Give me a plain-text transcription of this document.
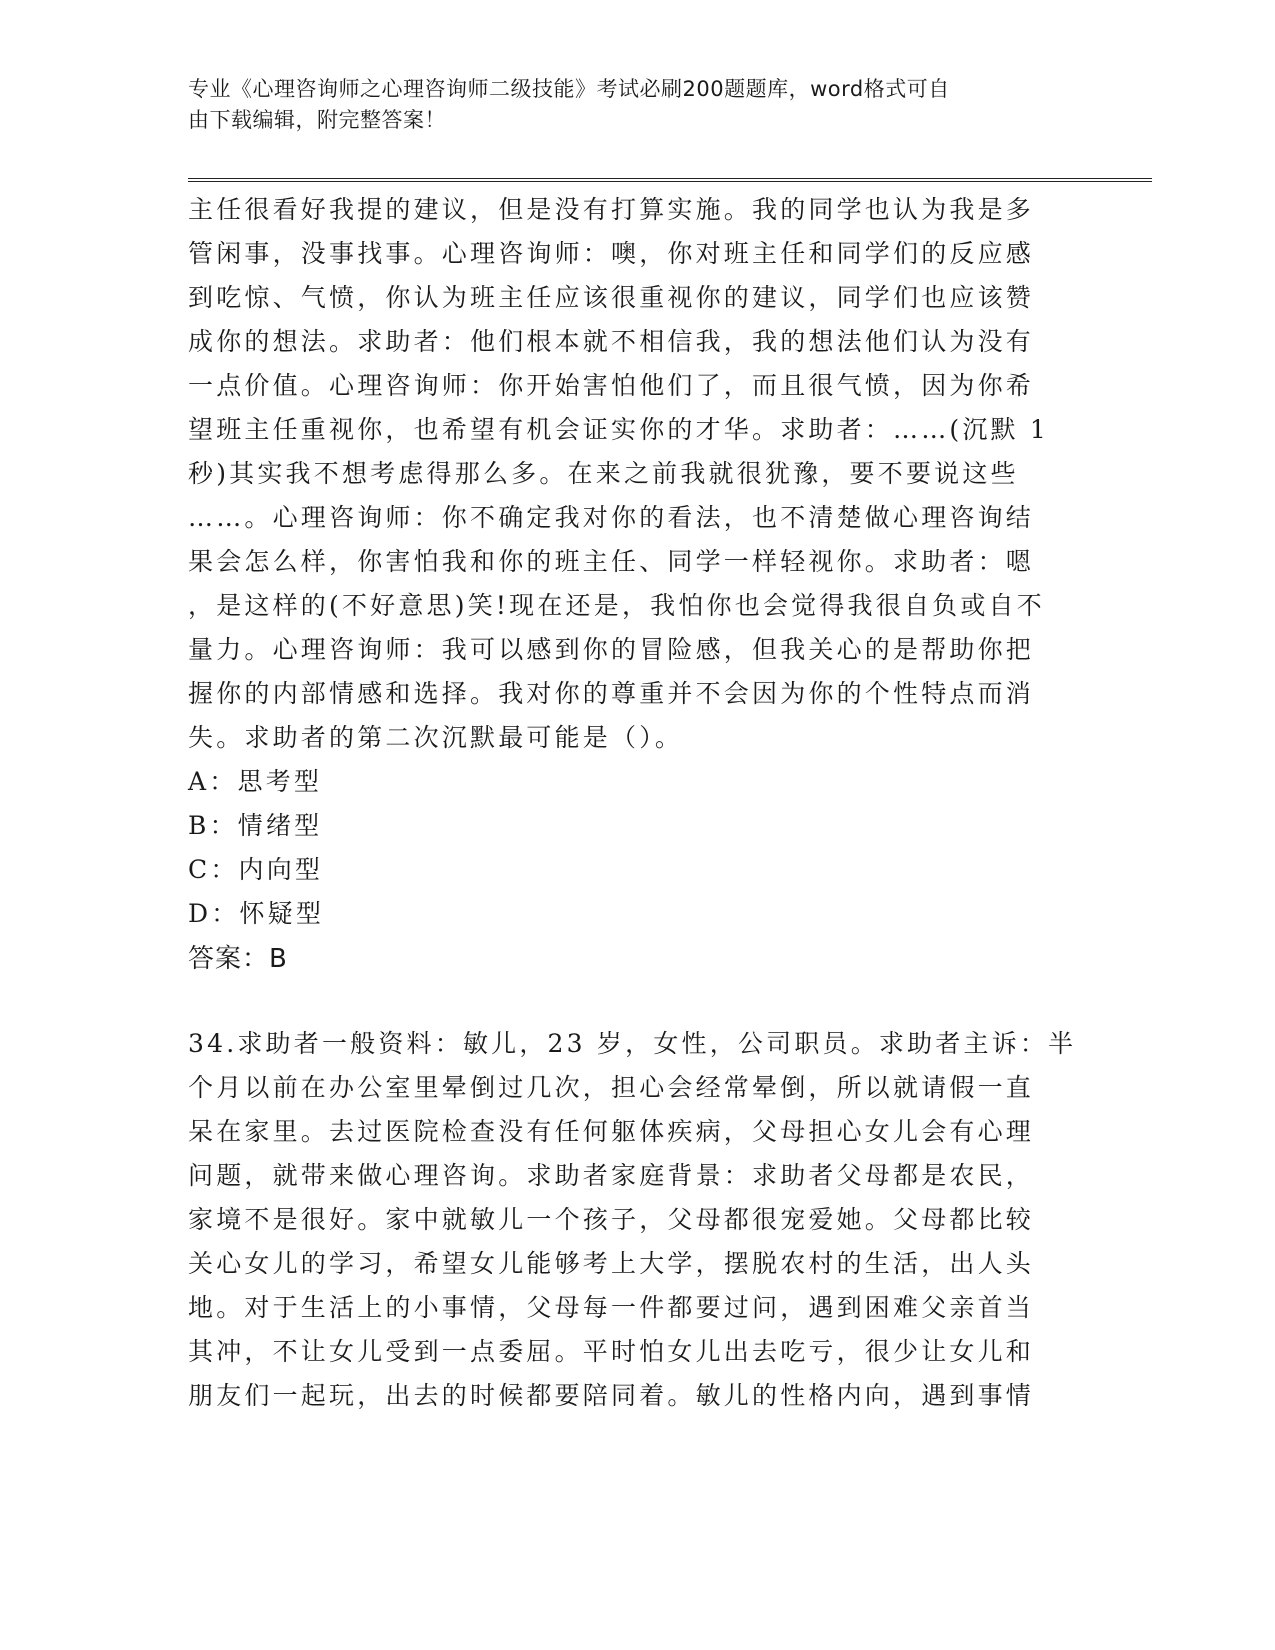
专业《心理咨询师之心理咨询师二级技能》考试必刷200题题库，word格式可自
由下载编辑，附完整答案！
主任很看好我提的建议，但是没有打算实施。我的同学也认为我是多
管闲事，没事找事。心理咨询师：噢，你对班主任和同学们的反应感
到吃惊、气愤，你认为班主任应该很重视你的建议，同学们也应该赞
成你的想法。求助者：他们根本就不相信我，我的想法他们认为没有
一点价值。心理咨询师：你开始害怕他们了，而且很气愤，因为你希
望班主任重视你，也希望有机会证实你的才华。求助者：……(沉默 1
秒)其实我不想考虑得那么多。在来之前我就很犹豫，要不要说这些
……。心理咨询师：你不确定我对你的看法，也不清楚做心理咨询结
果会怎么样，你害怕我和你的班主任、同学一样轻视你。求助者：嗯
，是这样的(不好意思)笑!现在还是，我怕你也会觉得我很自负或自不
量力。心理咨询师：我可以感到你的冒险感，但我关心的是帮助你把
握你的内部情感和选择。我对你的尊重并不会因为你的个性特点而消
失。求助者的第二次沉默最可能是（）。
A：思考型
B：情绪型
C：内向型
D：怀疑型
答案：B
34.求助者一般资料：敏儿，23 岁，女性，公司职员。求助者主诉：半
个月以前在办公室里晕倒过几次，担心会经常晕倒，所以就请假一直
呆在家里。去过医院检查没有任何躯体疾病，父母担心女儿会有心理
问题，就带来做心理咨询。求助者家庭背景：求助者父母都是农民，
家境不是很好。家中就敏儿一个孩子，父母都很宠爱她。父母都比较
关心女儿的学习，希望女儿能够考上大学，摆脱农村的生活，出人头
地。对于生活上的小事情，父母每一件都要过问，遇到困难父亲首当
其冲，不让女儿受到一点委屈。平时怕女儿出去吃亏，很少让女儿和
朋友们一起玩，出去的时候都要陪同着。敏儿的性格内向，遇到事情
